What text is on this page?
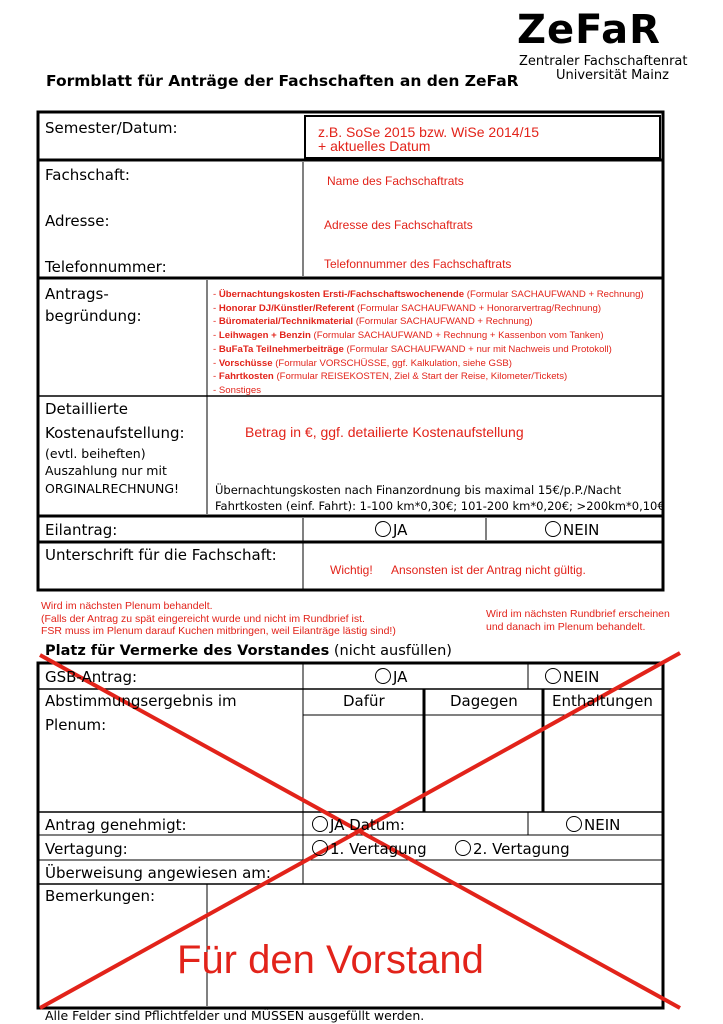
ZeFaR
Zentraler Fachschaftenrat
Universität Mainz
Formblatt für Anträge der Fachschaften an den ZeFaR
Semester/Datum:	z.B. SoSe 2015 bzw. WiSe 2014/15
+ aktuelles Datum
Fachschaft:	Name des Fachschaftrats
Adresse:	Adresse des Fachschaftrats
Telefonnummer:	Telefonnummer des Fachschaftrats
Antrags-
begründung:
- Übernachtungskosten Ersti-/Fachschaftswochenende (Formular SACHAUFWAND + Rechnung)
- Honorar DJ/Künstler/Referent (Formular SACHAUFWAND + Honorarvertrag/Rechnung)
- Büromaterial/Technikmaterial (Formular SACHAUFWAND + Rechnung)
- Leihwagen + Benzin (Formular SACHAUFWAND + Rechnung + Kassenbon vom Tanken)
- BuFaTa Teilnehmerbeiträge (Formular SACHAUFWAND + nur mit Nachweis und Protokoll)
- Vorschüsse (Formular VORSCHÜSSE, ggf. Kalkulation, siehe GSB)
- Fahrtkosten (Formular REISEKOSTEN, Ziel & Start der Reise, Kilometer/Tickets)
- Sonstiges
Detaillierte
Kostenaufstellung:
(evtl. beiheften)
Auszahlung nur mit
ORGINALRECHNUNG!
Betrag in €, ggf. detailierte Kostenaufstellung
Übernachtungskosten nach Finanzordnung bis maximal 15€/p.P./Nacht
Fahrtkosten (einf. Fahrt): 1-100 km*0,30€; 101-200 km*0,20€; >200km*0,10€
Eilantrag:	JA	NEIN
Unterschrift für die Fachschaft:
Wichtig! Ansonsten ist der Antrag nicht gültig.
Wird im nächsten Plenum behandelt.
(Falls der Antrag zu spät eingereicht wurde und nicht im Rundbrief ist.
FSR muss im Plenum darauf Kuchen mitbringen, weil Eilanträge lästig sind!)
Wird im nächsten Rundbrief erscheinen
und danach im Plenum behandelt.
Platz für Vermerke des Vorstandes (nicht ausfüllen)
GSB-Antrag:	JA	NEIN
Abstimmungsergebnis im
Plenum:
Dafür	Dagegen Enthaltungen
Antrag genehmigt:	JA Datum:	NEIN
Vertagung:	1. Vertagung	2. Vertagung
Überweisung angewiesen am:
Bemerkungen:
Für den Vorstand
Alle Felder sind Pflichtfelder und MÜSSEN ausgefüllt werden.
